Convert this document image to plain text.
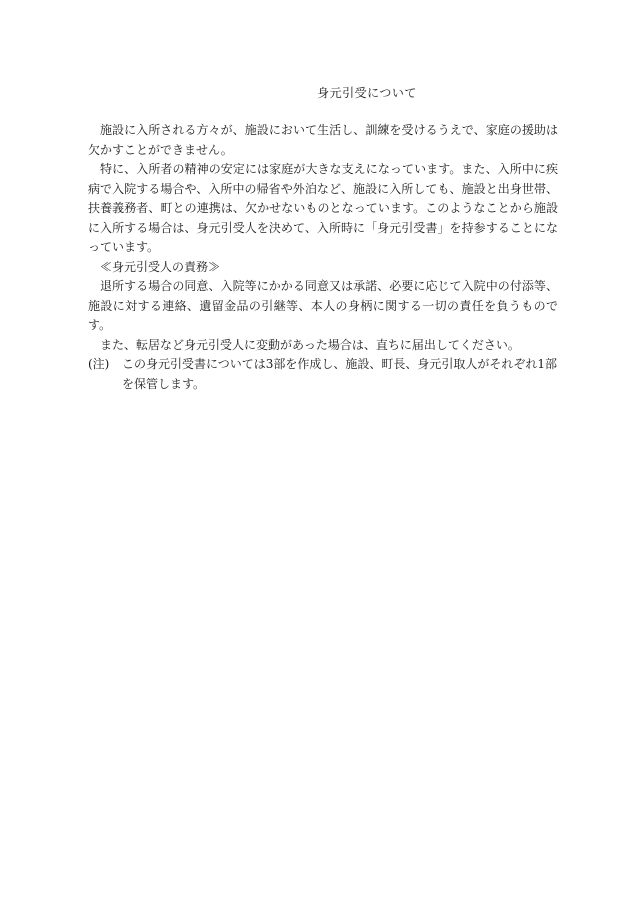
身元引受について

施設に入所される方々が、施設において生活し、訓練を受けるうえで、家庭の援助は欠かすことができません。

特に、入所者の精神の安定には家庭が大きな支えになっています。また、入所中に疾病で入院する場合や、入所中の帰省や外泊など、施設に入所しても、施設と出身世帯、扶養義務者、町との連携は、欠かせないものとなっています。このようなことから施設に入所する場合は、身元引受人を決めて、入所時に「身元引受書」を持参することになっています。

≪身元引受人の責務≫

退所する場合の同意、入院等にかかる同意又は承諾、必要に応じて入院中の付添等、施設に対する連絡、遺留金品の引継等、本人の身柄に関する一切の責任を負うものです。

また、転居など身元引受人に変動があった場合は、直ちに届出してください。

(注)	この身元引受書については3部を作成し、施設、町長、身元引取人がそれぞれ1部を保管します。
